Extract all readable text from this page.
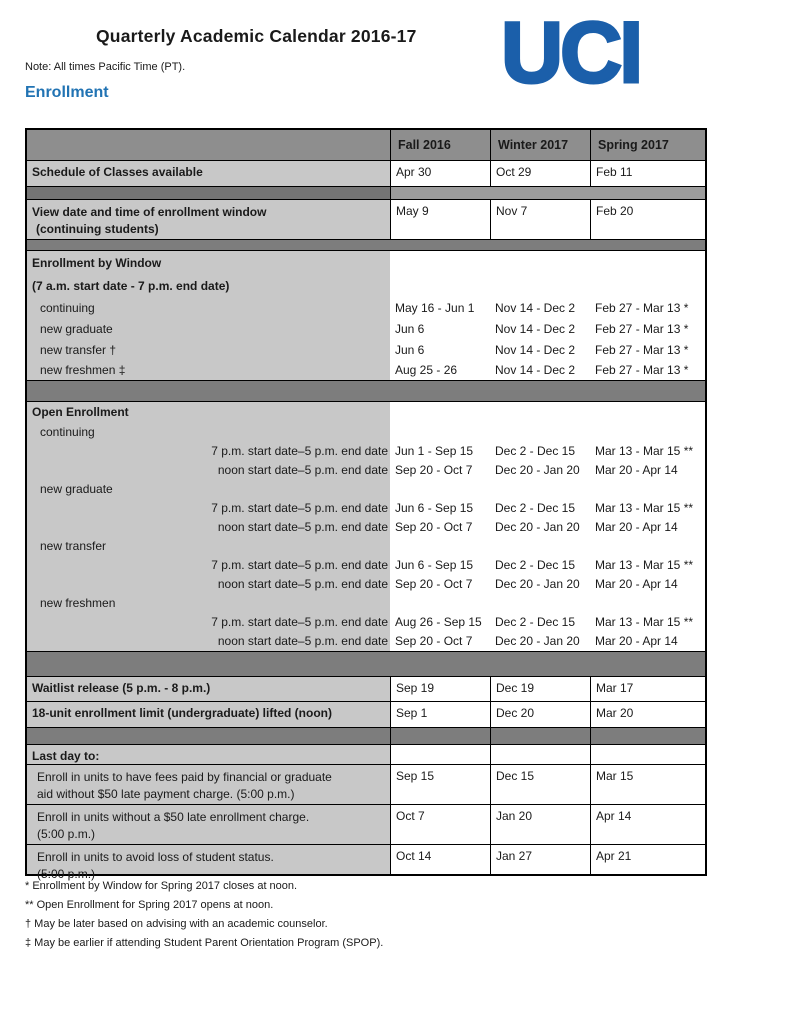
Quarterly Academic Calendar 2016-17
Note: All times Pacific Time (PT).	UCI
Enrollment
Fall 2016	Winter 2017	Spring 2017
Schedule of Classes available	Apr 30	Oct 29	Feb 11
View date and time of enrollment window
(continuing students)
May 9	Nov 7	Feb 20
Enrollment by Window
(7 a.m. start date - 7 p.m. end date)
continuing	May 16 - Jun 1	Nov 14 - Dec 2	Feb 27 - Mar 13 *
new graduate	Jun 6	Nov 14 - Dec 2	Feb 27 - Mar 13 *
new transfer †	Jun 6	Nov 14 - Dec 2	Feb 27 - Mar 13 *
new freshmen ‡	Aug 25 - 26	Nov 14 - Dec 2	Feb 27 - Mar 13 *
Open Enrollment
continuing
7 p.m. start date–5 p.m. end date Jun 1 - Sep 15	Dec 2 - Dec 15	Mar 13 - Mar 15 **
noon start date–5 p.m. end date Sep 20 - Oct 7	Dec 20 - Jan 20	Mar 20 - Apr 14
new graduate
7 p.m. start date–5 p.m. end date Jun 6 - Sep 15	Dec 2 - Dec 15	Mar 13 - Mar 15 **
noon start date–5 p.m. end date Sep 20 - Oct 7	Dec 20 - Jan 20	Mar 20 - Apr 14
new transfer
7 p.m. start date–5 p.m. end date Jun 6 - Sep 15	Dec 2 - Dec 15	Mar 13 - Mar 15 **
noon start date–5 p.m. end date Sep 20 - Oct 7	Dec 20 - Jan 20	Mar 20 - Apr 14
new freshmen
7 p.m. start date–5 p.m. end date Aug 26 - Sep 15	Dec 2 - Dec 15	Mar 13 - Mar 15 **
noon start date–5 p.m. end date Sep 20 - Oct 7	Dec 20 - Jan 20	Mar 20 - Apr 14
Waitlist release (5 p.m. - 8 p.m.)	Sep 19	Dec 19	Mar 17
18-unit enrollment limit (undergraduate) lifted (noon)	Sep 1	Dec 20	Mar 20
Last day to:
Enroll in units to have fees paid by financial or graduate
aid without $50 late payment charge. (5:00 p.m.)
Sep 15	Dec 15	Mar 15
Enroll in units without a $50 late enrollment charge.
(5:00 p.m.)
Oct 7	Jan 20	Apr 14
Enroll in units to avoid loss of student status.
(5:00 p.m.)
Oct 14	Jan 27	Apr 21
* Enrollment by Window for Spring 2017 closes at noon.
** Open Enrollment for Spring 2017 opens at noon.
† May be later based on advising with an academic counselor.
‡ May be earlier if attending Student Parent Orientation Program (SPOP).
